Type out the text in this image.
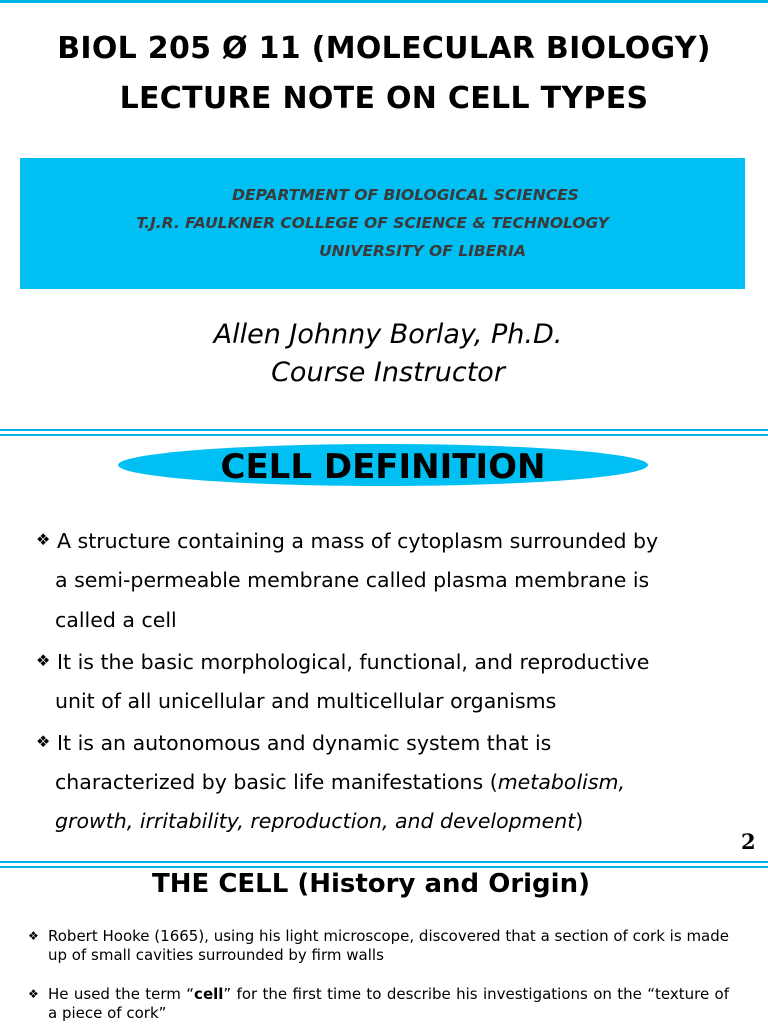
BIOL 205 Ø 11 (MOLECULAR BIOLOGY)
LECTURE NOTE ON CELL TYPES
DEPARTMENT OF BIOLOGICAL SCIENCES
T.J.R. FAULKNER COLLEGE OF SCIENCE & TECHNOLOGY
UNIVERSITY OF LIBERIA
Allen Johnny Borlay, Ph.D.
Course Instructor
CELL DEFINITION
❖ A structure containing a mass of cytoplasm surrounded by
a semi-permeable membrane called plasma membrane is
called a cell
❖ It is the basic morphological, functional, and reproductive
unit of all unicellular and multicellular organisms
❖ It is an autonomous and dynamic system that is
characterized by basic life manifestations (metabolism,
growth, irritability, reproduction, and development)
2
THE CELL (History and Origin)
❖ Robert Hooke (1665), using his light microscope, discovered that a section of cork is made up of small cavities surrounded by firm walls
❖ He used the term “cell” for the first time to describe his investigations on the “texture of a piece of cork”
